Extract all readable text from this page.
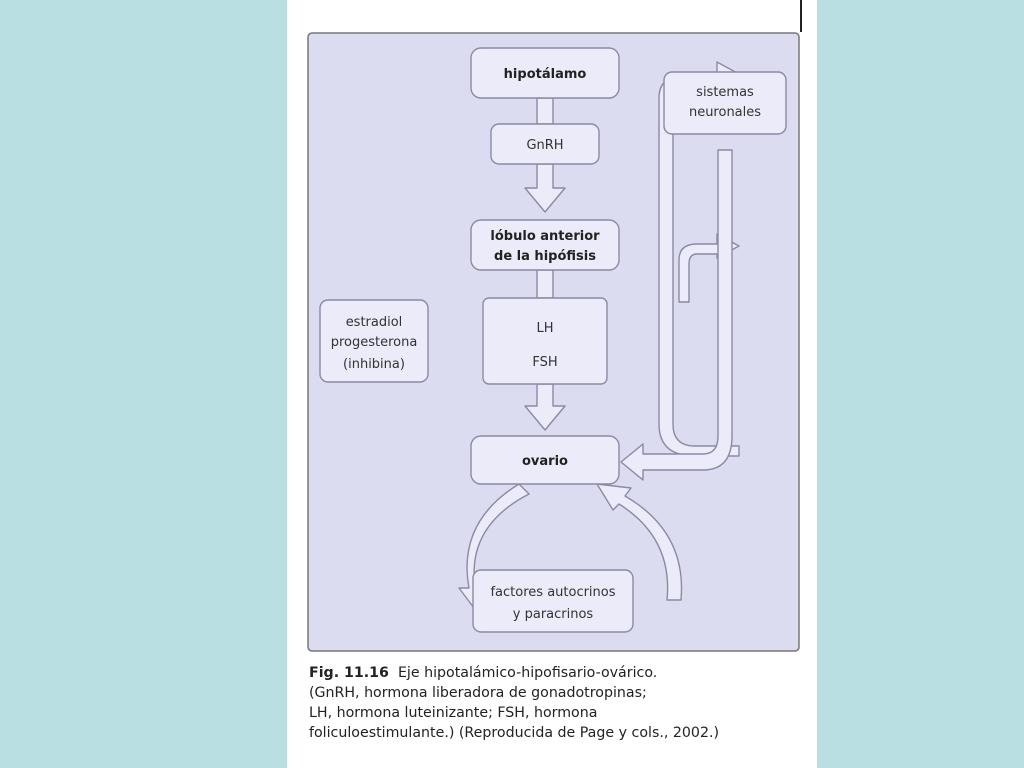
hipotálamo
GnRH
lóbulo anterior
de la hipófisis
LH
FSH
ovario
sistemas
neuronales
estradiol
progesterona
(inhibina)
factores autocrinos
y paracrinos
Fig. 11.16 Eje hipotalámico-hipofisario-ovárico.
(GnRH, hormona liberadora de gonadotropinas;
LH, hormona luteinizante; FSH, hormona
foliculoestimulante.) (Reproducida de Page y cols., 2002.)
